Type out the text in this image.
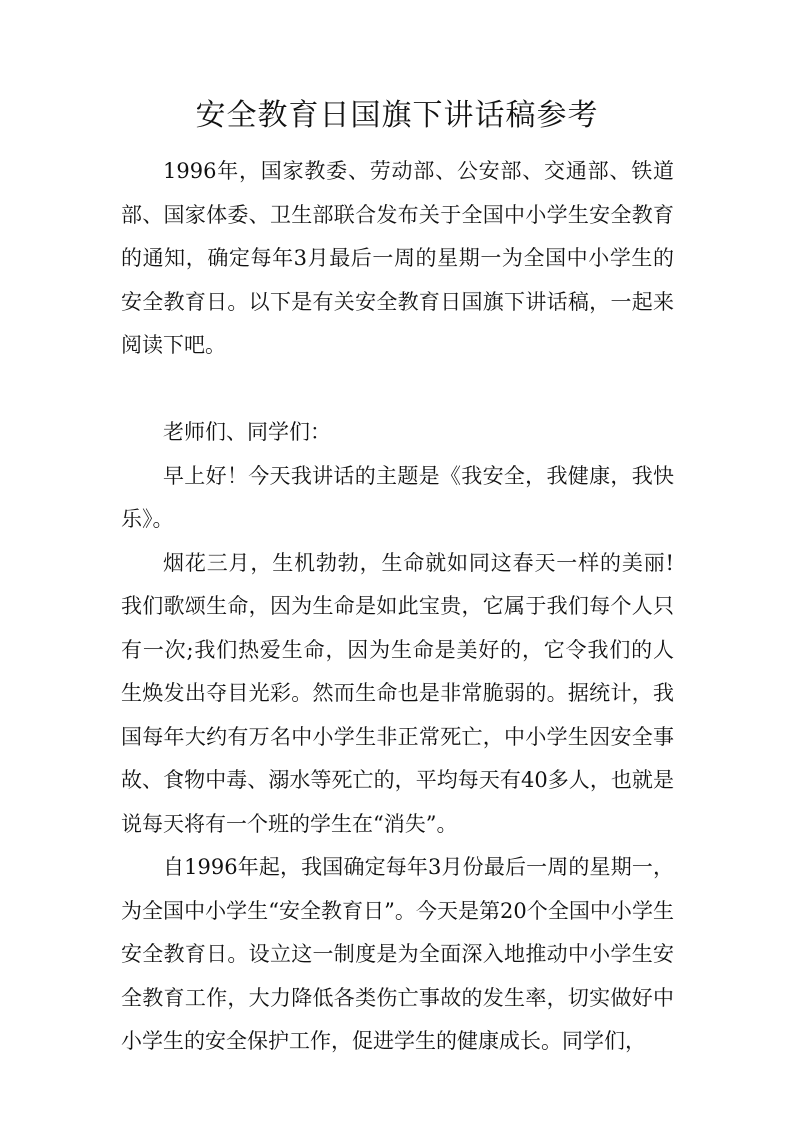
安全教育日国旗下讲话稿参考

1996年，国家教委、劳动部、公安部、交通部、铁道部、国家体委、卫生部联合发布关于全国中小学生安全教育的通知，确定每年3月最后一周的星期一为全国中小学生的安全教育日。以下是有关安全教育日国旗下讲话稿，一起来阅读下吧。

老师们、同学们：

早上好！今天我讲话的主题是《我安全，我健康，我快乐》。

烟花三月，生机勃勃，生命就如同这春天一样的美丽!我们歌颂生命，因为生命是如此宝贵，它属于我们每个人只有一次;我们热爱生命，因为生命是美好的，它令我们的人生焕发出夺目光彩。然而生命也是非常脆弱的。据统计，我国每年大约有万名中小学生非正常死亡，中小学生因安全事故、食物中毒、溺水等死亡的，平均每天有40多人，也就是说每天将有一个班的学生在“消失”。

自1996年起，我国确定每年3月份最后一周的星期一，为全国中小学生“安全教育日”。今天是第20个全国中小学生安全教育日。设立这一制度是为全面深入地推动中小学生安全教育工作，大力降低各类伤亡事故的发生率，切实做好中小学生的安全保护工作，促进学生的健康成长。同学们，
